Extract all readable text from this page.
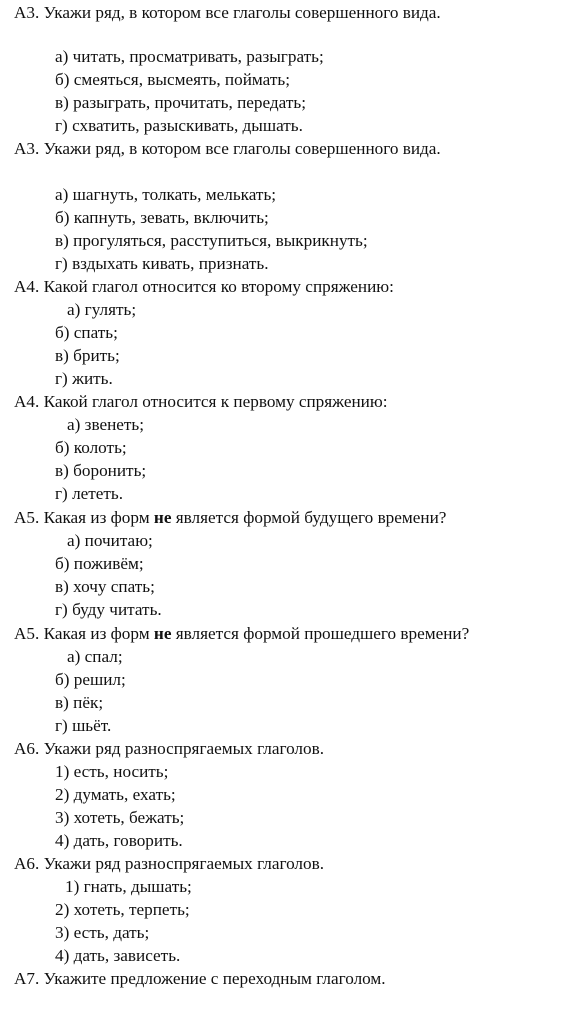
А3. Укажи ряд, в котором все глаголы совершенного вида.
а) читать, просматривать, разыграть;
б) смеяться, высмеять, поймать;
в) разыграть, прочитать, передать;
г) схватить, разыскивать, дышать.
А3. Укажи ряд, в котором все глаголы совершенного вида.
а) шагнуть, толкать, мелькать;
б) капнуть, зевать, включить;
в) прогуляться, расступиться, выкрикнуть;
г) вздыхать кивать, признать.
А4. Какой глагол относится ко второму спряжению:
а) гулять;
б) спать;
в) брить;
г) жить.
А4. Какой глагол относится к первому спряжению:
а) звенеть;
б) колоть;
в) боронить;
г) лететь.
А5. Какая из форм не является формой будущего времени?
а) почитаю;
б) поживём;
в) хочу спать;
г) буду читать.
А5. Какая из форм не является формой прошедшего времени?
а) спал;
б) решил;
в) пёк;
г) шьёт.
А6. Укажи ряд разноспрягаемых глаголов.
1) есть, носить;
2) думать, ехать;
3) хотеть, бежать;
4) дать, говорить.
А6. Укажи ряд разноспрягаемых глаголов.
1) гнать, дышать;
2) хотеть, терпеть;
3) есть, дать;
4) дать, зависеть.
А7. Укажите предложение с переходным глаголом.
